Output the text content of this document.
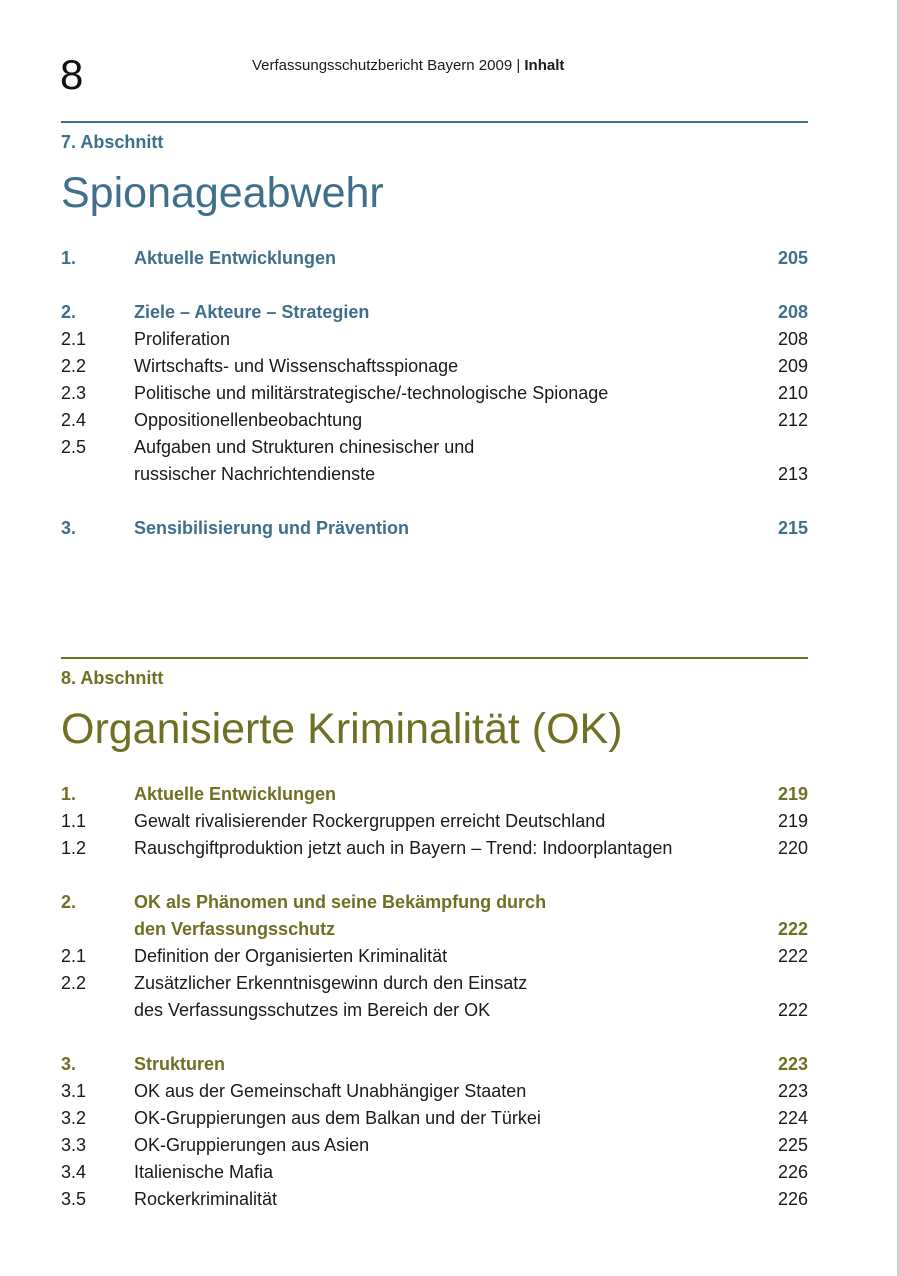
8	Verfassungsschutzbericht Bayern 2009 | Inhalt
7. Abschnitt
Spionageabwehr
1.	Aktuelle Entwicklungen	205
2.	Ziele – Akteure – Strategien	208
2.1	Proliferation	208
2.2	Wirtschafts- und Wissenschaftsspionage	209
2.3	Politische und militärstrategische/-technologische Spionage	210
2.4	Oppositionellenbeobachtung	212
2.5	Aufgaben und Strukturen chinesischer und
russischer Nachrichtendienste	213
3.	Sensibilisierung und Prävention	215
8. Abschnitt
Organisierte Kriminalität (OK)
1.	Aktuelle Entwicklungen	219
1.1	Gewalt rivalisierender Rockergruppen erreicht Deutschland	219
1.2	Rauschgiftproduktion jetzt auch in Bayern – Trend: Indoorplantagen	220
2.	OK als Phänomen und seine Bekämpfung durch
den Verfassungsschutz	222
2.1	Definition der Organisierten Kriminalität	222
2.2	Zusätzlicher Erkenntnisgewinn durch den Einsatz
des Verfassungsschutzes im Bereich der OK	222
3.	Strukturen	223
3.1	OK aus der Gemeinschaft Unabhängiger Staaten	223
3.2	OK-Gruppierungen aus dem Balkan und der Türkei	224
3.3	OK-Gruppierungen aus Asien	225
3.4	Italienische Mafia	226
3.5	Rockerkriminalität	226
